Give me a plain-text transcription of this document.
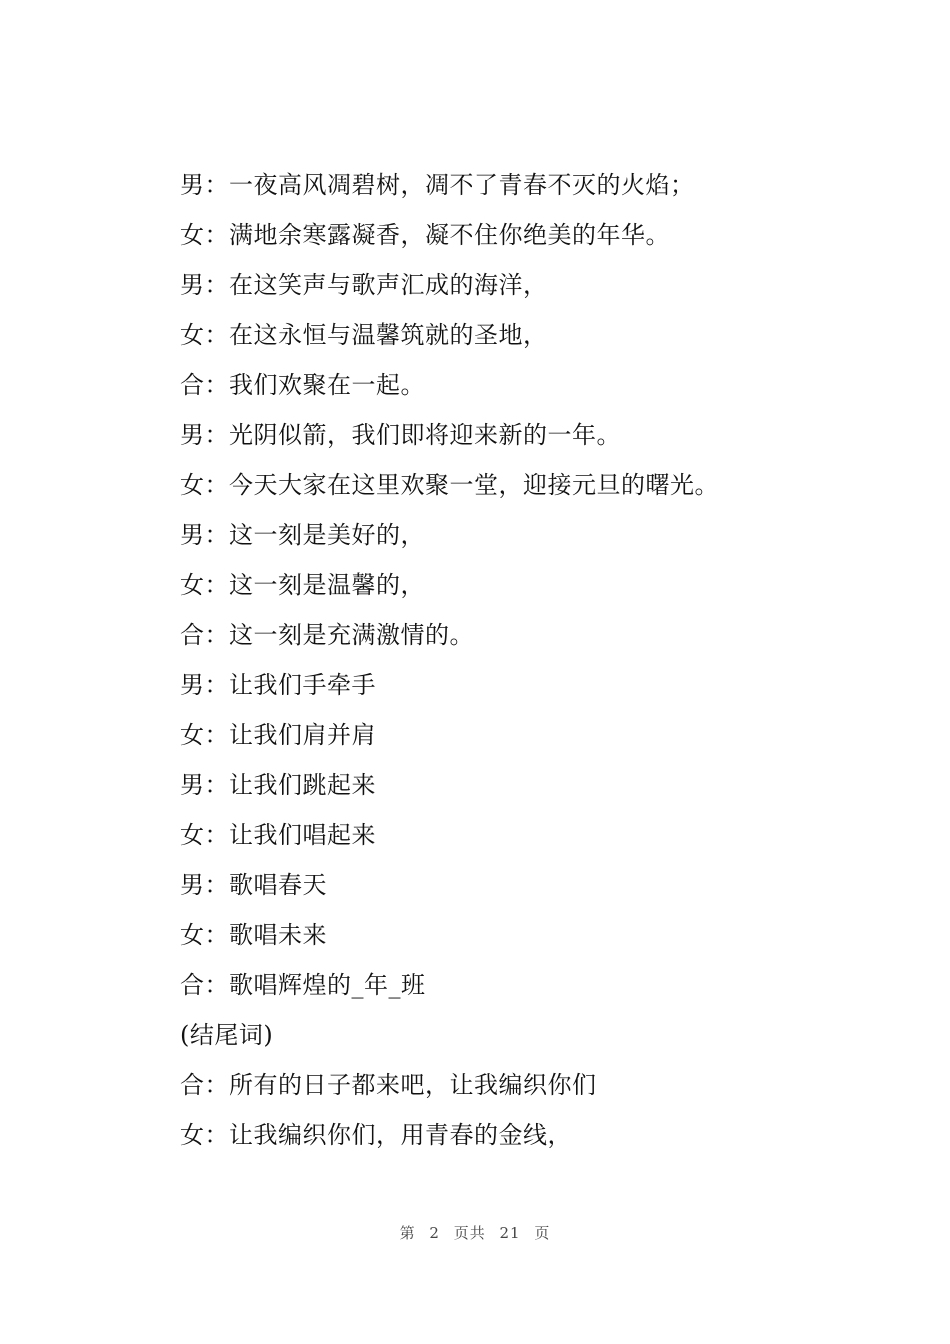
男：一夜高风凋碧树，凋不了青春不灭的火焰；
女：满地余寒露凝香，凝不住你绝美的年华。
男：在这笑声与歌声汇成的海洋，
女：在这永恒与温馨筑就的圣地，
合：我们欢聚在一起。
男：光阴似箭，我们即将迎来新的一年。
女：今天大家在这里欢聚一堂，迎接元旦的曙光。
男：这一刻是美好的，
女：这一刻是温馨的，
合：这一刻是充满激情的。
男：让我们手牵手
女：让我们肩并肩
男：让我们跳起来
女：让我们唱起来
男：歌唱春天
女：歌唱未来
合：歌唱辉煌的_年_班
(结尾词)
合：所有的日子都来吧，让我编织你们
女：让我编织你们，用青春的金线，
第 2 页共 21 页
